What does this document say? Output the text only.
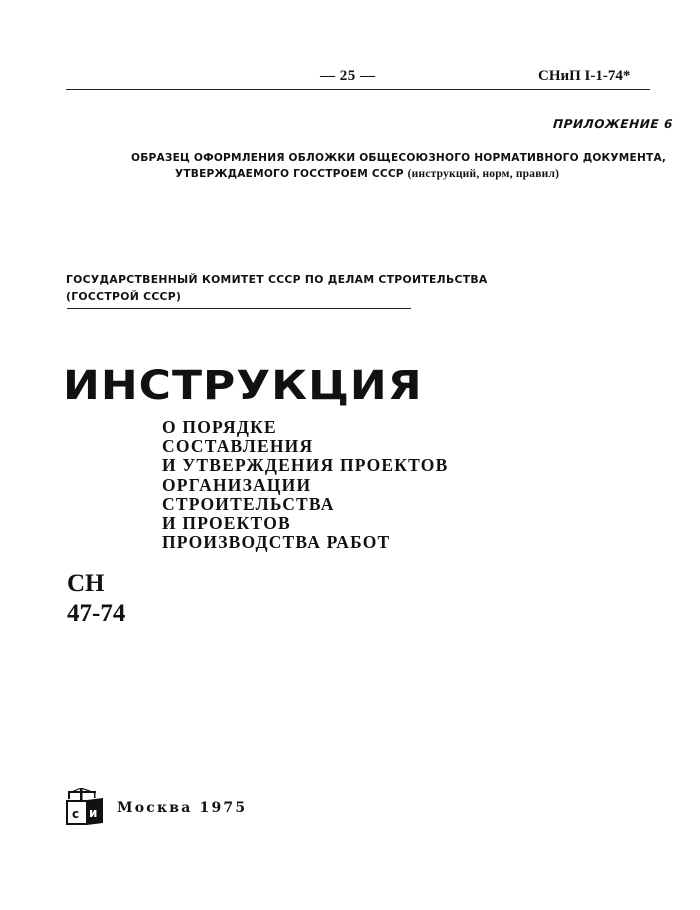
— 25 —	СНиП I-1-74*
ПРИЛОЖЕНИЕ 6
ОБРАЗЕЦ ОФОРМЛЕНИЯ ОБЛОЖКИ ОБЩЕСОЮЗНОГО НОРМАТИВНОГО ДОКУМЕНТА,
УТВЕРЖДАЕМОГО ГОССТРОЕМ СССР (инструкций, норм, правил)
ГОСУДАРСТВЕННЫЙ КОМИТЕТ СССР ПО ДЕЛАМ СТРОИТЕЛЬСТВА
(ГОССТРОЙ СССР)
ИНСТРУКЦИЯ
О ПОРЯДКЕ
СОСТАВЛЕНИЯ
И УТВЕРЖДЕНИЯ ПРОЕКТОВ
ОРГАНИЗАЦИИ
СТРОИТЕЛЬСТВА
И ПРОЕКТОВ
ПРОИЗВОДСТВА РАБОТ
СН
47-74
с и Москва 1975
